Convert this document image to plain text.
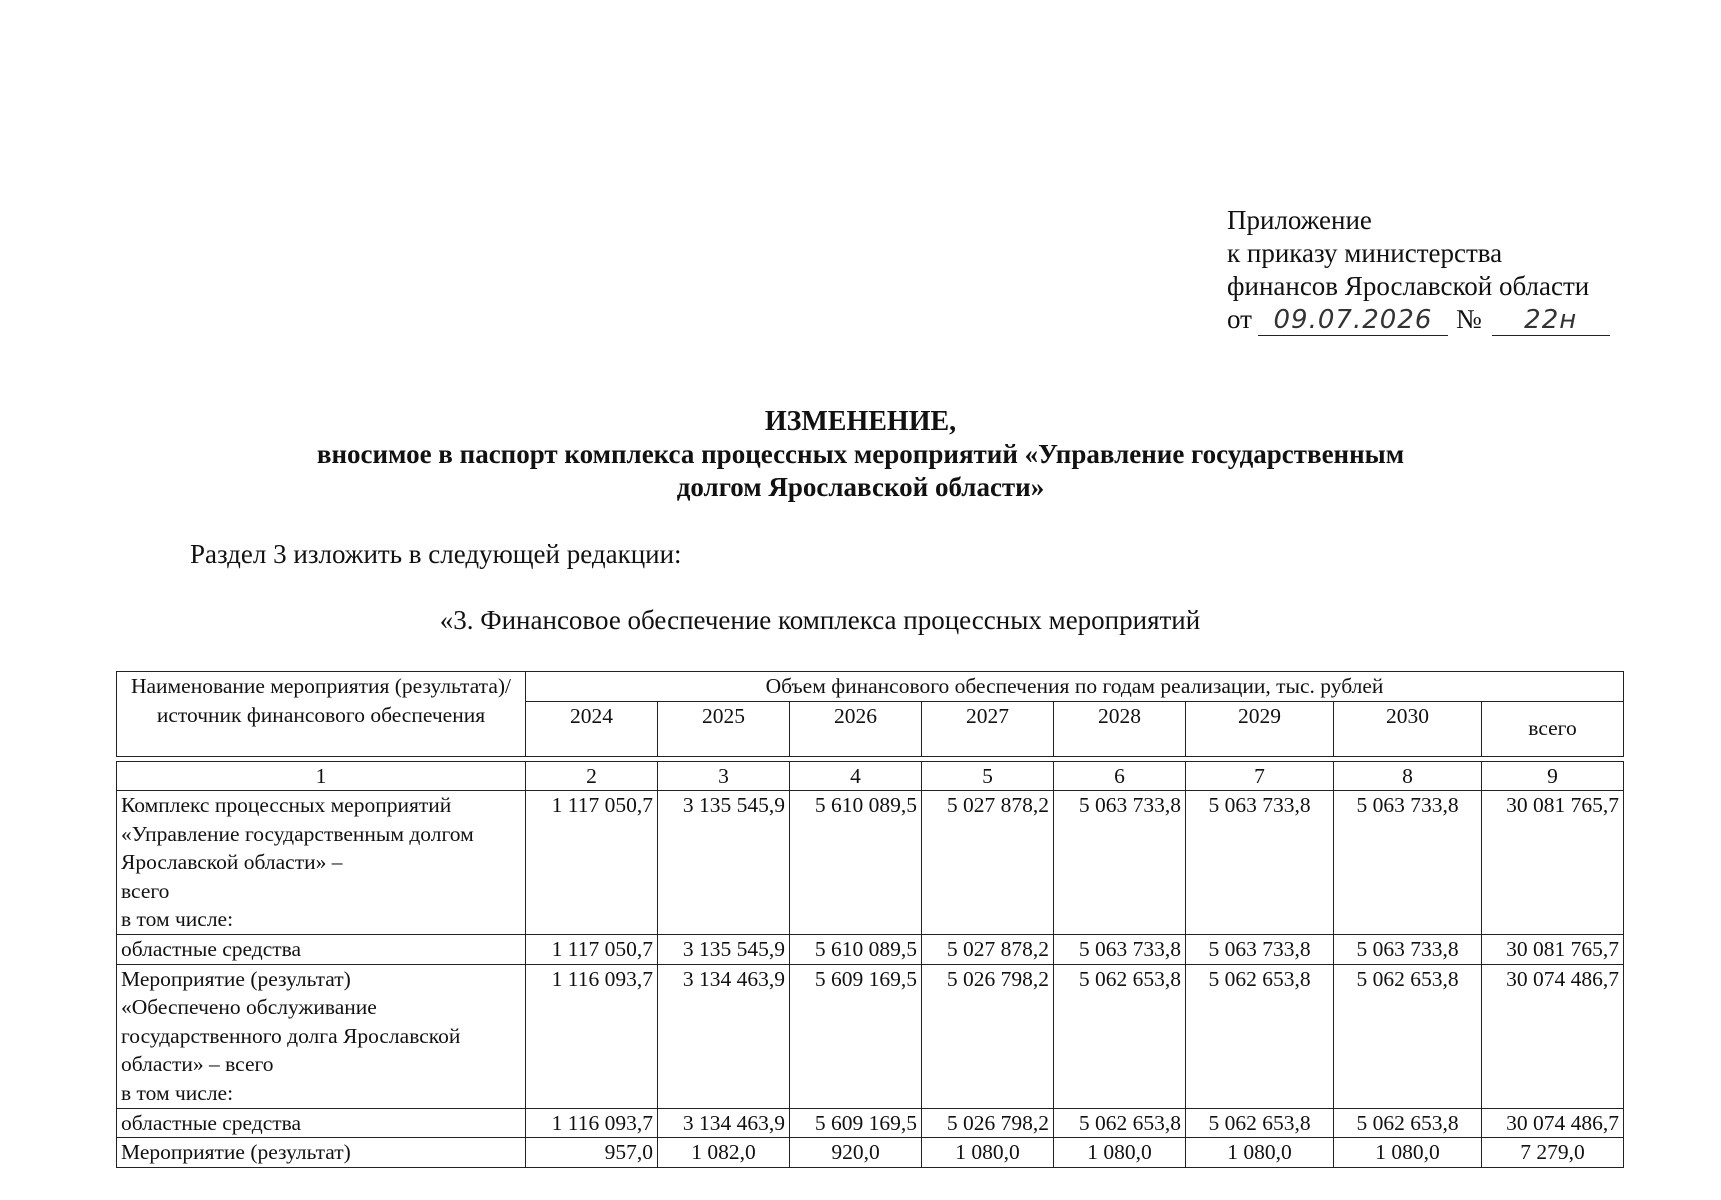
Приложение
к приказу министерства
финансов Ярославской области
от 09.07.2026 №	22н
ИЗМЕНЕНИЕ,
вносимое в паспорт комплекса процессных мероприятий «Управление государственным
долгом Ярославской области»
Раздел 3 изложить в следующей редакции:
«3. Финансовое обеспечение комплекса процессных мероприятий
Наименование мероприятия (результата)/ источник финансового обеспечения	Объем финансового обеспечения по годам реализации, тыс. рублей							
	2024	2025	2026	2027	2028	2029	2030	всего

1	2	3	4	5	6	7	8	9
Комплекс процессных мероприятий «Управление государственным долгом Ярославской области» –
всего
в том числе:	1 117 050,7	3 135 545,9	5 610 089,5	5 027 878,2	5 063 733,8	5 063 733,8	5 063 733,8	30 081 765,7
областные средства	1 117 050,7	3 135 545,9	5 610 089,5	5 027 878,2	5 063 733,8	5 063 733,8	5 063 733,8	30 081 765,7
Мероприятие (результат)
«Обеспечено обслуживание государственного долга Ярославской области» – всего
в том числе:	1 116 093,7	3 134 463,9	5 609 169,5	5 026 798,2	5 062 653,8	5 062 653,8	5 062 653,8	30 074 486,7
областные средства	1 116 093,7	3 134 463,9	5 609 169,5	5 026 798,2	5 062 653,8	5 062 653,8	5 062 653,8	30 074 486,7
Мероприятие (результат)	957,0	1 082,0	920,0	1 080,0	1 080,0	1 080,0	1 080,0	7 279,0
